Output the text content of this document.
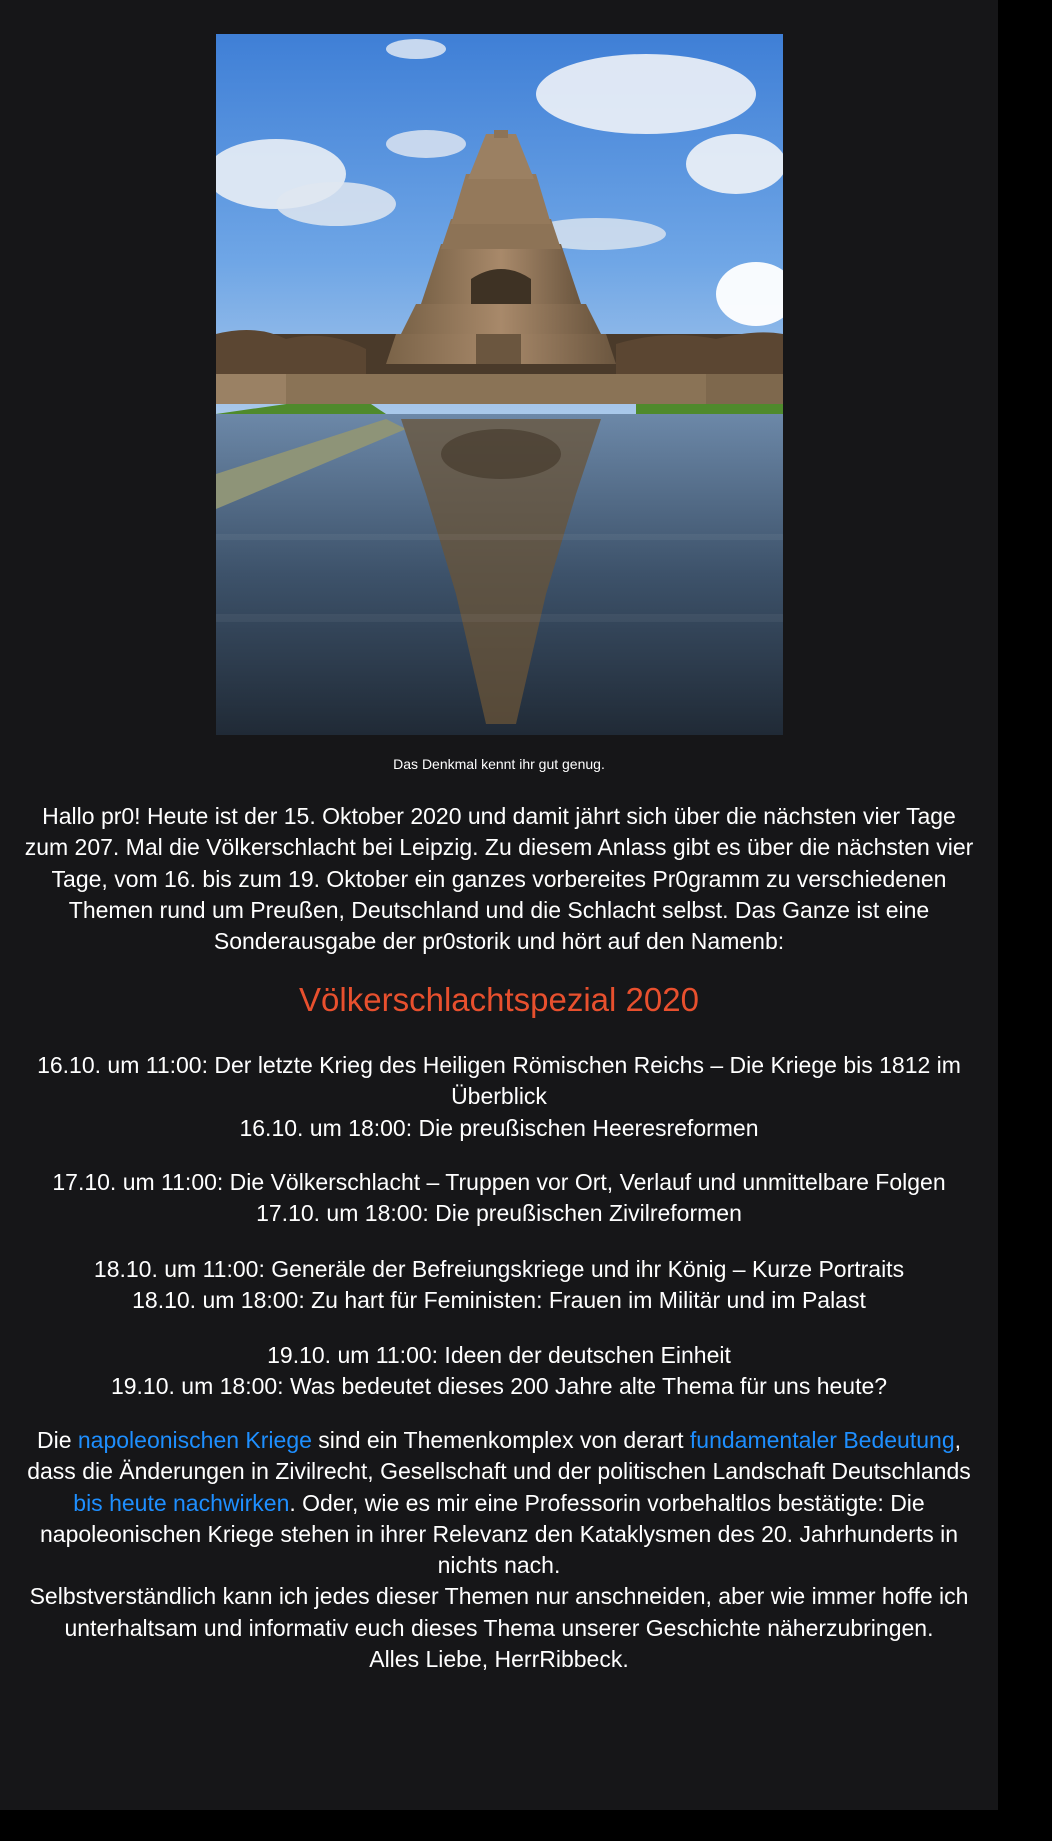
Das Denkmal kennt ihr gut genug.
Hallo pr0! Heute ist der 15. Oktober 2020 und damit jährt sich über die nächsten vier Tage zum 207. Mal die Völkerschlacht bei Leipzig. Zu diesem Anlass gibt es über die nächsten vier Tage, vom 16. bis zum 19. Oktober ein ganzes vorbereites Pr0gramm zu verschiedenen Themen rund um Preußen, Deutschland und die Schlacht selbst. Das Ganze ist eine Sonderausgabe der pr0storik und hört auf den Namenb:
Völkerschlachtspezial 2020
16.10. um 11:00: Der letzte Krieg des Heiligen Römischen Reichs – Die Kriege bis 1812 im Überblick
16.10. um 18:00: Die preußischen Heeresreformen
17.10. um 11:00: Die Völkerschlacht – Truppen vor Ort, Verlauf und unmittelbare Folgen
17.10. um 18:00: Die preußischen Zivilreformen
18.10. um 11:00: Generäle der Befreiungskriege und ihr König – Kurze Portraits
18.10. um 18:00: Zu hart für Feministen: Frauen im Militär und im Palast
19.10. um 11:00: Ideen der deutschen Einheit
19.10. um 18:00: Was bedeutet dieses 200 Jahre alte Thema für uns heute?
Die napoleonischen Kriege sind ein Themenkomplex von derart fundamentaler Bedeutung, dass die Änderungen in Zivilrecht, Gesellschaft und der politischen Landschaft Deutschlands bis heute nachwirken. Oder, wie es mir eine Professorin vorbehaltlos bestätigte: Die napoleonischen Kriege stehen in ihrer Relevanz den Kataklysmen des 20. Jahrhunderts in nichts nach.
Selbstverständlich kann ich jedes dieser Themen nur anschneiden, aber wie immer hoffe ich unterhaltsam und informativ euch dieses Thema unserer Geschichte näherzubringen.
Alles Liebe, HerrRibbeck.
